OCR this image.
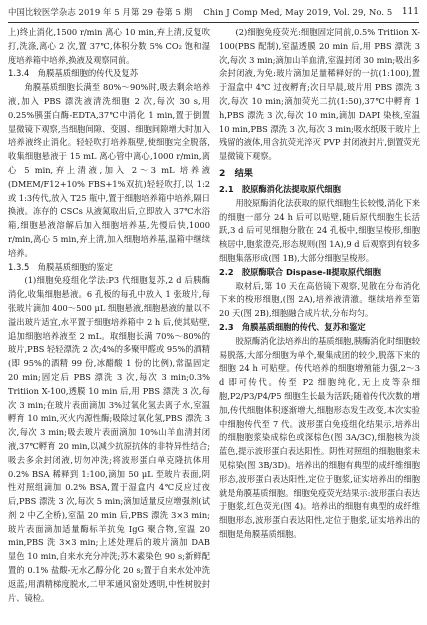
中国比较医学杂志 2019 年 5 月第 29 卷第 5 期 Chin J Comp Med, May 2019, Vol. 29, No. 5 111

上)终止消化,1500 r/min 离心 10 min,弃上清,反复吹打,洗涤,离心 2 次,置 37℃,体积分数 5% CO₂ 饱和湿度培养箱中培养,换液及观察同前。

1.3.4　角膜基质细胞的传代及复苏

角膜基质细胞长满至 80%～90%时,吸去剩余培养液,加入 PBS 漂洗液清洗细胞 2 次,每次 30 s,用 0.25%胰蛋白酶-EDTA,37℃中消化 1 min,置于倒置显微镜下观察,当细胞间隙、变圆、细胞间隙增大时加入培养液终止消化。轻轻吹打培养瓶壁,使细胞完全脱落,收集细胞悬液于 15 mL 离心管中离心,1000 r/min,离心 5 min,弃上清液,加入 2～3 mL 培养液(DMEM/F12+10% FBS+1%双抗)轻轻吹打,以 1:2或 1:3传代,放入 T25 瓶中,置于细胞培养箱中培养,隔日换液。冻存的 CSCs 从液氮取出后,立即放入 37℃水浴箱,细胞悬液溶解后加入细胞培养基,先慢后快,1000 r/min,离心 5 min,弃上清,加入细胞培养基,温箱中继续培养。

1.3.5　角膜基质细胞的鉴定

(1)细胞免疫组化学法:P3 代细胞复苏,2 d 后胰酶消化,收集细胞悬液。6 孔板的每孔中放入 1 张玻片,每张玻片滴加 400～500 μL 细胞悬液,细胞悬液的量以不溢出玻片适宜,水平置于细胞培养箱中 2 h 后,使其贴壁,追加细胞培养液至 2 mL。取细胞长满 70%～80%的玻片,PBS 轻轻漂洗 2 次;4%的多聚甲醛或 95%的酒精(即 95%的酒精 99 份,冰醋酸 1 份的比例),常温固定 20 min;固定后 PBS 漂洗 3 次,每次 3 min;0.3% Tritiion X-100,透膜 10 min 后,用 PBS 漂洗 3 次,每次 3 min;在玻片表面滴加 3%过氧化氢去离子水,室温孵育 10 min,灭火内源性酶;吸除过氧化氢,PBS 漂洗 3 次,每次 3 min;吸去玻片表面滴加 10%山羊血清封闭液,37℃孵育 20 min,以减少抗原抗体的非特异性结合;吸去多余封闭液,切勿冲洗;将波形蛋白单克隆抗体用 0.2% BSA 稀释到 1:100,滴加 50 μL 至玻片表面,阴性对照组滴加 0.2% BSA,置于湿盒内 4℃反应过夜后,PBS 漂洗 3 次,每次 5 min;滴加适量反应增强剂(试剂 2 中乙全桥),室温 20 min 后,PBS 漂洗 3×3 min;玻片表面滴加适量酶标羊抗兔 IgG 聚合物,室温 20 min,PBS 洗 3×3 min;上述处理后的玻片滴加 DAB 显色 10 min,自来水充分冲洗;苏木素染色 90 s;新鲜配置的 0.1% 盐酸-无水乙醇分化 20 s;置于自来水处冲洗返蓝;用酒精梯度脱水,二甲苯通风窗处透明,中性树胶封片、镜检。

(2)细胞免疫荧光:细胞固定同前,0.5% Tritiion X-100(PBS 配制),室温透膜 20 min 后,用 PBS 漂洗 3 次,每次 3 min;滴加山羊血清,室温封闭 30 min;吸出多余封闭液,为免:玻片滴加足量稀释好的一抗(1:100),置于湿盒中 4℃ 过夜孵育;次日早晨,玻片用 PBS 漂洗 3 次,每次 10 min;滴加荧光二抗(1:50),37℃中孵育 1 h,PBS 漂洗 3 次,每次 10 min,滴加 DAPI 染核,室温 10 min,PBS 漂洗 3 次,每次 3 min;吸水纸吸干玻片上残留的液体,用含抗荧光淬灭 PVP 封闭液封片,倒置荧光显微镜下观察。

2　结果
2.1　胶原酶消化法提取原代细胞

用胶原酶消化法获取的原代细胞生长较慢,消化下来的细胞一部分 24 h 后可以贴壁,随后原代细胞生长活跃,3 d 后可见细胞分散在 24 孔板中,细胞呈梭形,细胞核居中,胞浆澄亮,形态规则(图 1A),9 d 后观察到有较多细胞集落形成(图 1B),大部分细胞呈梭形。

2.2　胶原酶联合 Dispase-Ⅱ提取原代细胞

取材后,第 10 天在高倍镜下观察,见散在分布消化下来的梭形细胞,(图 2A),培养液清澈。继续培养至第 20 天(图 2B),细胞融合成片状,分布均匀。

2.3　角膜基质细胞的传代、复苏和鉴定

胶原酶消化法培养出的基质细胞,胰酶消化时细胞较易脱落,大部分细胞为单个,聚集成团的较少,脱落下来的细胞 24 h 可贴壁。传代培养的细胞增殖能力强,2～3 d 即可传代。传至 P2 细胞纯化,无上皮等杂细胞,P2/P3/P4/P5 细胞生长最为活跃;随着传代次数的增加,传代细胞体积逐渐增大,细胞形态发生改变,本次实验中细胞传代至 7 代。波形蛋白免疫组化结果示,培养出的细胞胞浆染成棕色或深棕色(图 3A/3C),细胞核为淡蓝色,提示波形蛋白表达阳性。阴性对照组的细胞胞浆未见棕染(图 3B/3D)。培养出的细胞有典型的成纤维细胞形态,波形蛋白表达阳性,定位于胞浆,证实培养出的细胞就是角膜基质细胞。细胞免疫荧光结果示:波形蛋白表达于胞浆,红色荧光(图 4)。培养出的细胞有典型的成纤维细胞形态,波形蛋白表达阳性,定位于胞浆,证实培养出的细胞是角膜基质细胞。
